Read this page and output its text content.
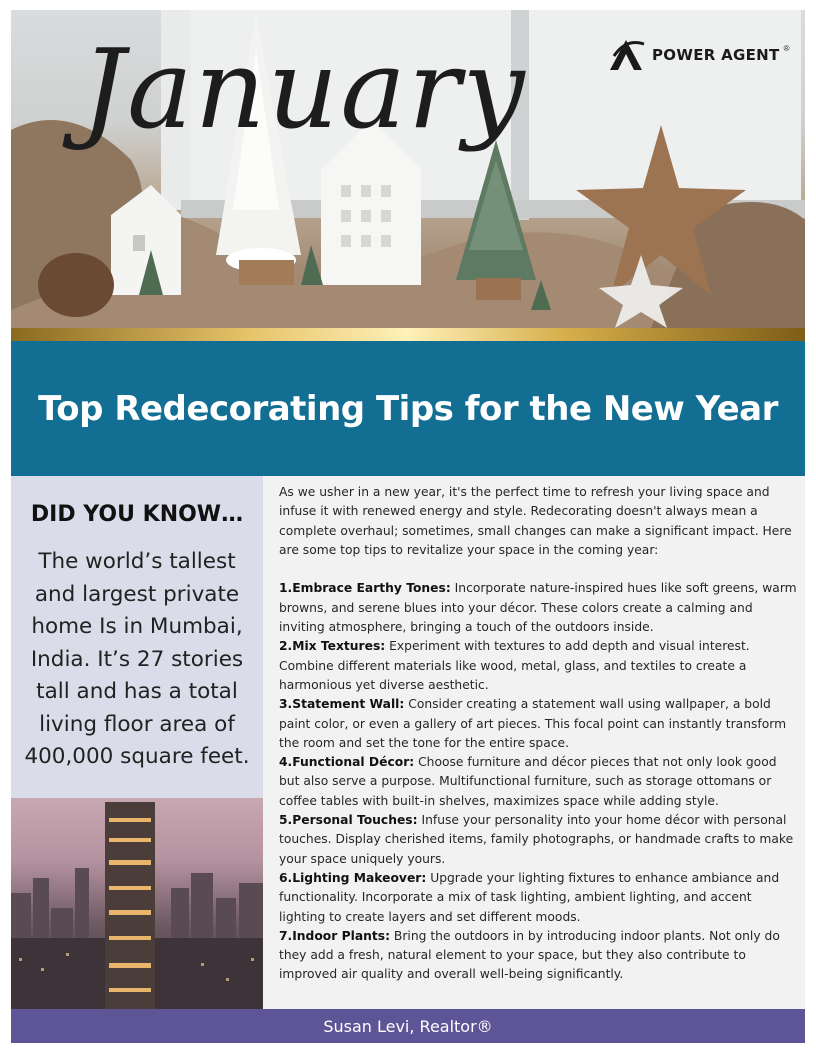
January	POWER AGENT ®
Top Redecorating Tips for the New Year
DID YOU KNOW…

The world’s tallest and largest private home Is in Mumbai, India. It’s 27 stories tall and has a total living floor area of 400,000 square feet.

As we usher in a new year, it's the perfect time to refresh your living space and infuse it with renewed energy and style. Redecorating doesn't always mean a complete overhaul; sometimes, small changes can make a significant impact. Here are some top tips to revitalize your space in the coming year:

1.Embrace Earthy Tones: Incorporate nature-inspired hues like soft greens, warm browns, and serene blues into your décor. These colors create a calming and inviting atmosphere, bringing a touch of the outdoors inside.

2.Mix Textures: Experiment with textures to add depth and visual interest. Combine different materials like wood, metal, glass, and textiles to create a harmonious yet diverse aesthetic.

3.Statement Wall: Consider creating a statement wall using wallpaper, a bold paint color, or even a gallery of art pieces. This focal point can instantly transform the room and set the tone for the entire space.

4.Functional Décor: Choose furniture and décor pieces that not only look good but also serve a purpose. Multifunctional furniture, such as storage ottomans or coffee tables with built-in shelves, maximizes space while adding style.

5.Personal Touches: Infuse your personality into your home décor with personal touches. Display cherished items, family photographs, or handmade crafts to make your space uniquely yours.

6.Lighting Makeover: Upgrade your lighting fixtures to enhance ambiance and functionality. Incorporate a mix of task lighting, ambient lighting, and accent lighting to create layers and set different moods.

7.Indoor Plants: Bring the outdoors in by introducing indoor plants. Not only do they add a fresh, natural element to your space, but they also contribute to improved air quality and overall well-being significantly.

Susan Levi, Realtor®
